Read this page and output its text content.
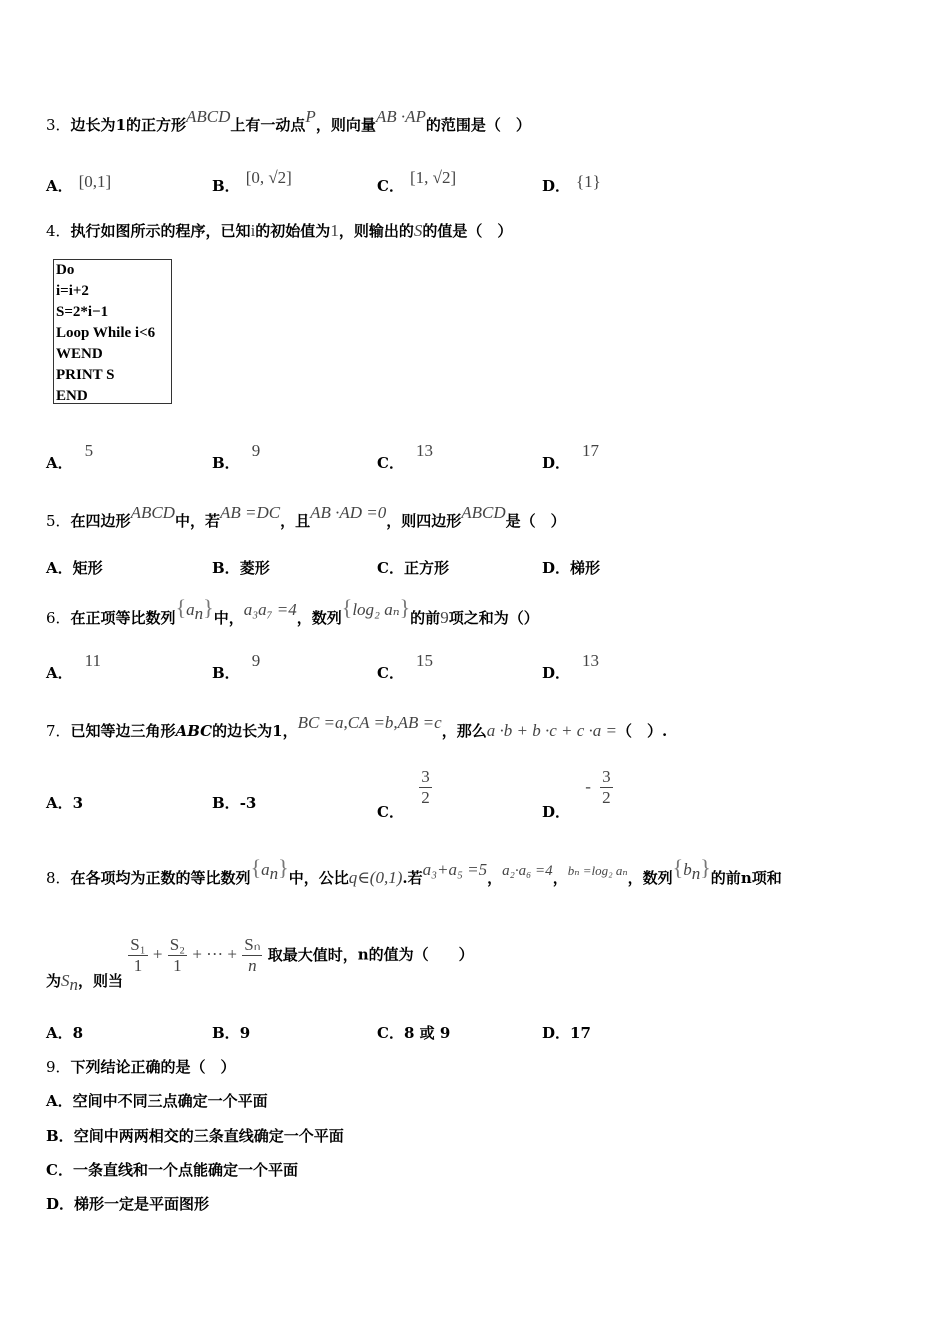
3．边长为1的正方形ABCD上有一动点P，则向量AB ·AP的范围是（　）
A． [0,1]	B． [0, √2]	C． [1, √2]	D． {1}
4．执行如图所示的程序，已知i的初始值为1，则输出的S的值是（　）
Do
i=i+2
S=2*i−1
Loop While i<6
WEND
PRINT S
END
A．5
B．9
C．13
D．17
5．在四边形ABCD中，若AB =DC，且AB ·AD =0，则四边形ABCD是（　）
A．矩形	B．菱形	C．正方形	D．梯形
6．在正项等比数列$\{a_n\}$中，a₃a₇ =4，数列{log₂ aₙ}的前9项之和为（）
A．11
B．9
C．15
D．13
7．已知等边三角形ABC的边长为1，BC =a,CA =b,AB =c，那么a ·b + b ·c + c ·a =（　）.
A．3	B．-3	C．
$\frac{3}{2}$
D． - $\frac{3}{2}$
8．在各项均为正数的等比数列$\{a_n\}$中，公比q∈(0,1).若a₃+a₅ =5，a₂·a₆ =4，bₙ =log₂ aₙ，数列$\{b_n\}$的前n项和
为$S_n$，则当
$\frac{\text{S₁}}{1} + \frac{\text{S₂}}{1}$ + ··· + $\frac{\text{Sₙ}}{n}$ 取最大值时，n的值为（　　）
A．8	B．9	C．8 或 9	D．17
9．下列结论正确的是（　）
A．空间中不同三点确定一个平面
B．空间中两两相交的三条直线确定一个平面
C．一条直线和一个点能确定一个平面
D．梯形一定是平面图形
